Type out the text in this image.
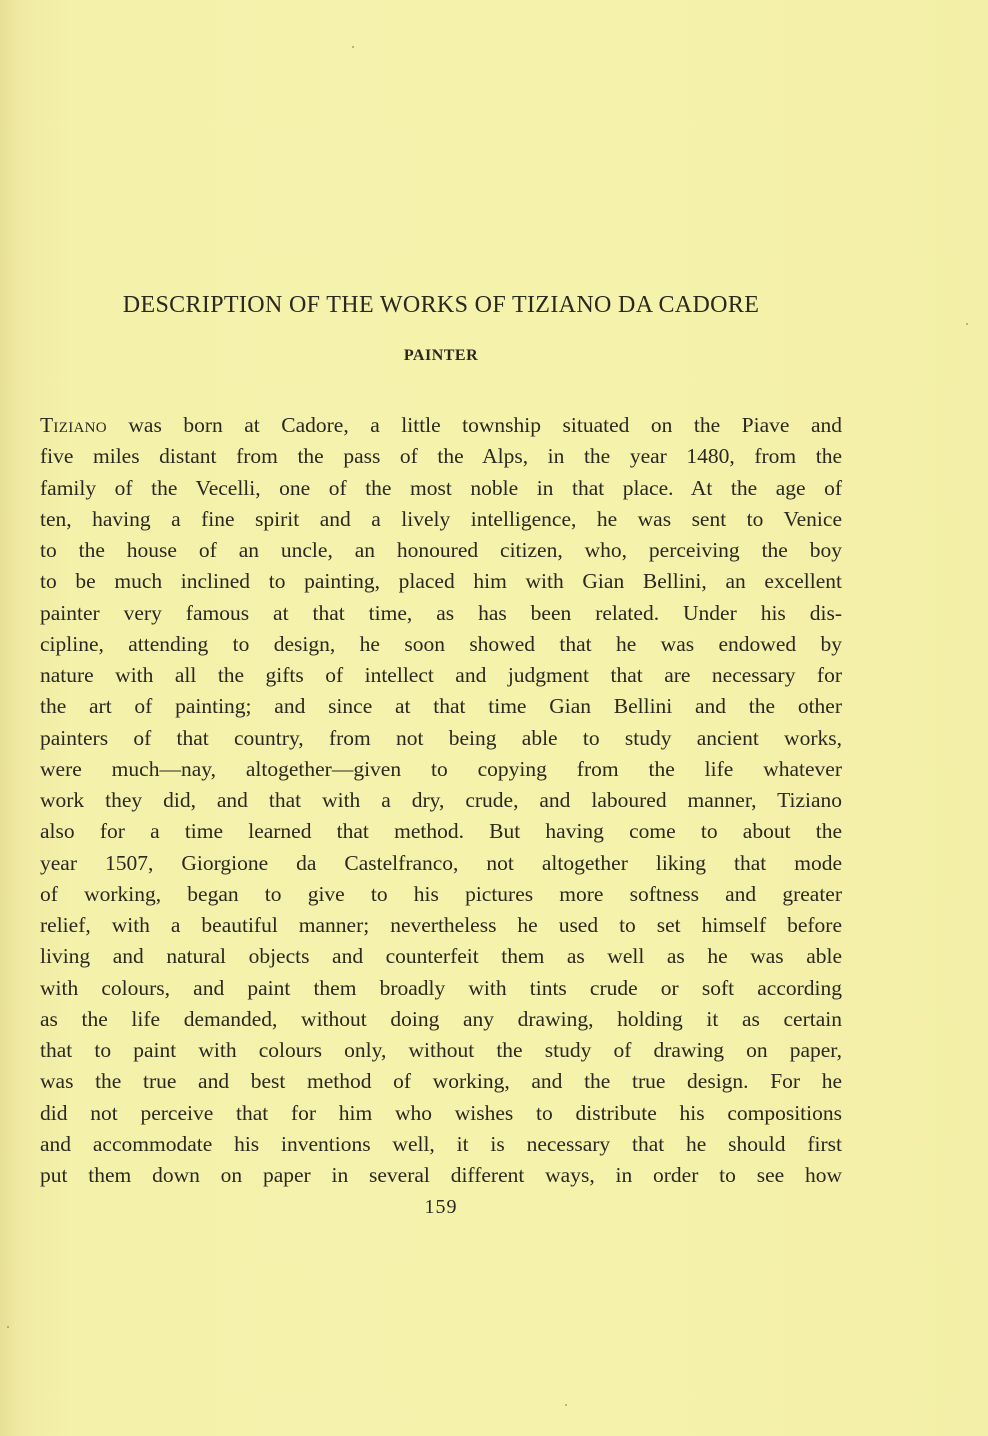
DESCRIPTION OF THE WORKS OF TIZIANO DA CADORE
PAINTER
Tiziano was born at Cadore, a little township situated on the Piave and
five miles distant from the pass of the Alps, in the year 1480, from the
family of the Vecelli, one of the most noble in that place. At the age of
ten, having a fine spirit and a lively intelligence, he was sent to Venice
to the house of an uncle, an honoured citizen, who, perceiving the boy
to be much inclined to painting, placed him with Gian Bellini, an excellent
painter very famous at that time, as has been related. Under his dis-
cipline, attending to design, he soon showed that he was endowed by
nature with all the gifts of intellect and judgment that are necessary for
the art of painting; and since at that time Gian Bellini and the other
painters of that country, from not being able to study ancient works,
were much—nay, altogether—given to copying from the life whatever
work they did, and that with a dry, crude, and laboured manner, Tiziano
also for a time learned that method. But having come to about the
year 1507, Giorgione da Castelfranco, not altogether liking that mode
of working, began to give to his pictures more softness and greater
relief, with a beautiful manner; nevertheless he used to set himself before
living and natural objects and counterfeit them as well as he was able
with colours, and paint them broadly with tints crude or soft according
as the life demanded, without doing any drawing, holding it as certain
that to paint with colours only, without the study of drawing on paper,
was the true and best method of working, and the true design. For he
did not perceive that for him who wishes to distribute his compositions
and accommodate his inventions well, it is necessary that he should first
put them down on paper in several different ways, in order to see how

159
